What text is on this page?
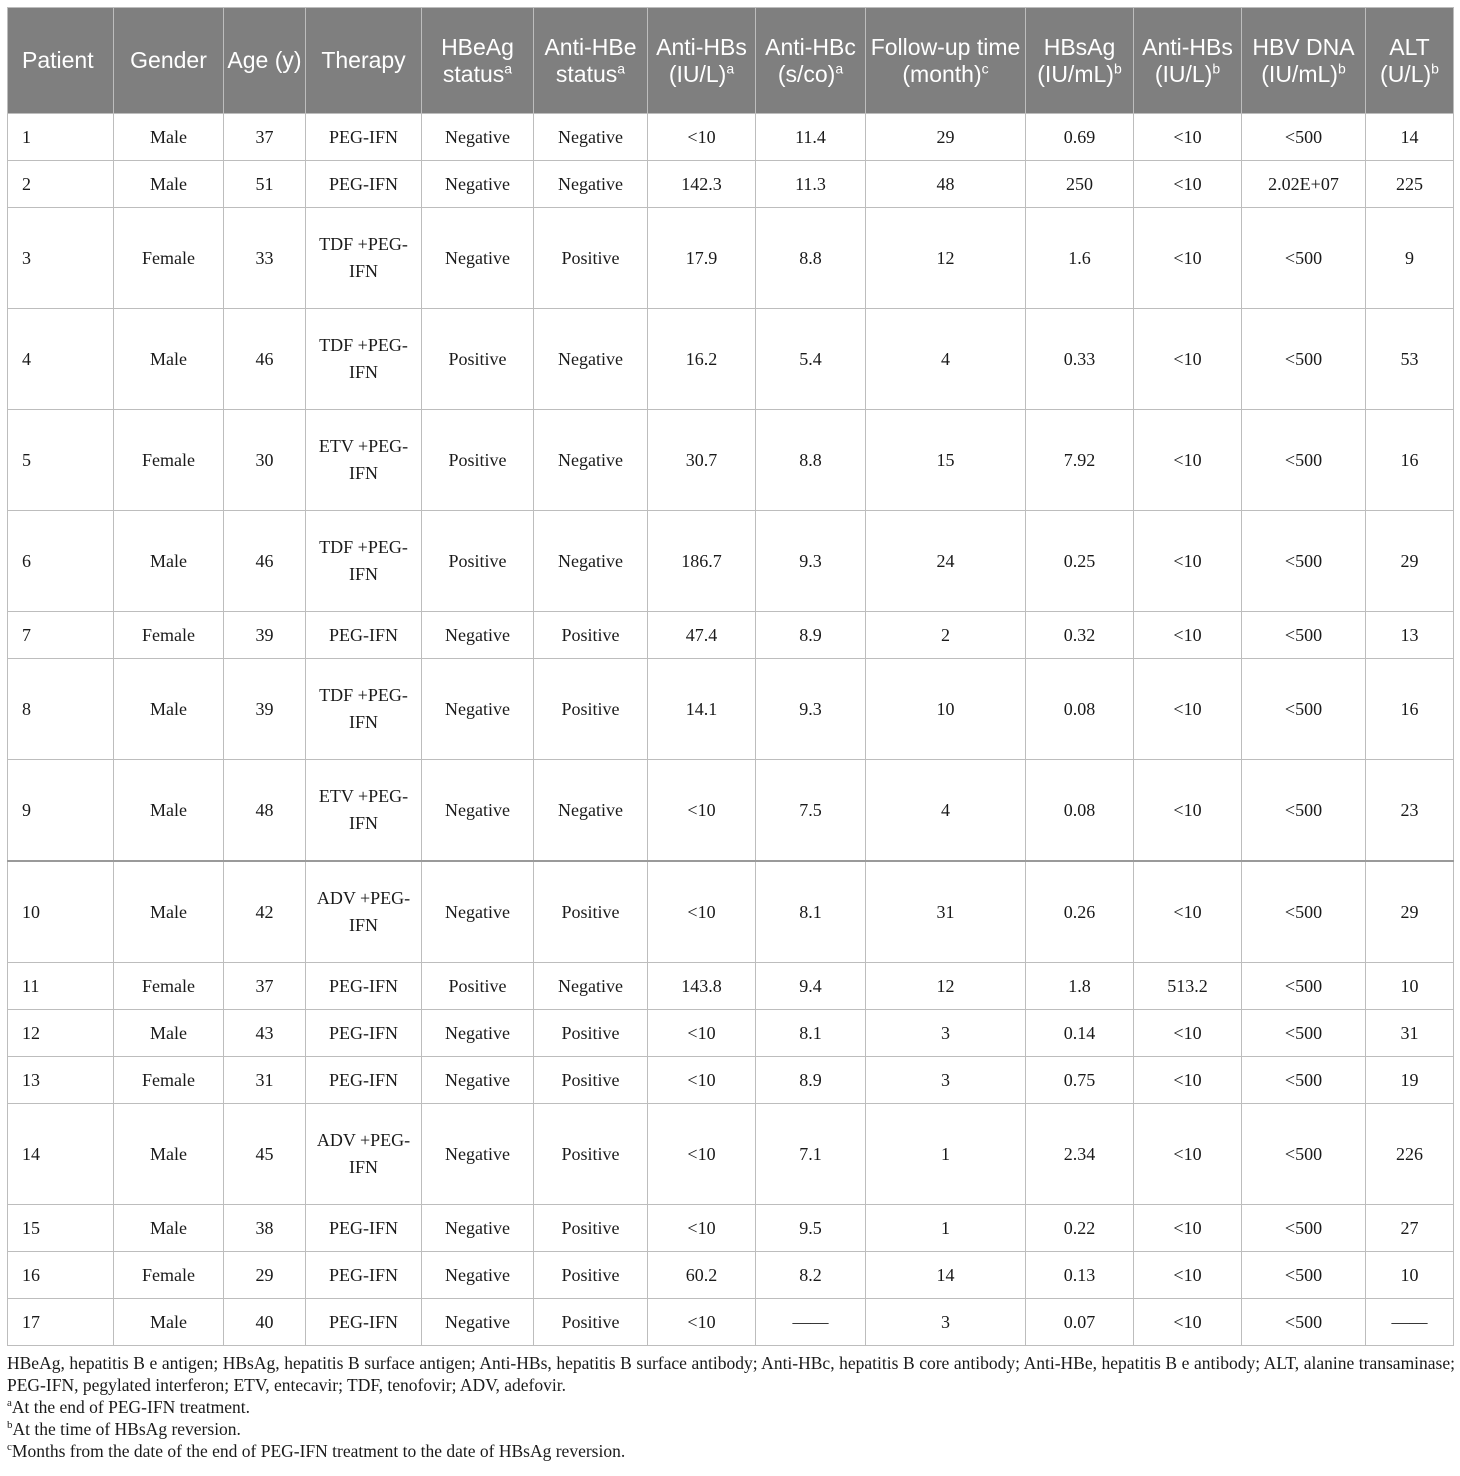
Patient	Gender	Age (y)	Therapy	HBeAg status$^a$	Anti-HBe status$^a$	Anti-HBs $(IU/L)^a$	Anti-HBc $(s/co)^a$	Follow-up time (month)$^c$	HBsAg $(IU/mL)^b$	Anti-HBs $(IU/L)^b$	HBV DNA $(IU/mL)^b$	ALT $(U/L)^b$
1	Male	37	PEG-IFN	Negative	Negative	<10	11.4	29	0.69	<10	<500	14
2	Male	51	PEG-IFN	Negative	Negative	142.3	11.3	48	250	<10	2.02E+07	225
3	Female	33	TDF +PEG-IFN	Negative	Positive	17.9	8.8	12	1.6	<10	<500	9
4	Male	46	TDF +PEG-IFN	Positive	Negative	16.2	5.4	4	0.33	<10	<500	53
5	Female	30	ETV +PEG-IFN	Positive	Negative	30.7	8.8	15	7.92	<10	<500	16
6	Male	46	TDF +PEG-IFN	Positive	Negative	186.7	9.3	24	0.25	<10	<500	29
7	Female	39	PEG-IFN	Negative	Positive	47.4	8.9	2	0.32	<10	<500	13
8	Male	39	TDF +PEG-IFN	Negative	Positive	14.1	9.3	10	0.08	<10	<500	16
9	Male	48	ETV +PEG-IFN	Negative	Negative	<10	7.5	4	0.08	<10	<500	23
10	Male	42	ADV +PEG-IFN	Negative	Positive	<10	8.1	31	0.26	<10	<500	29
11	Female	37	PEG-IFN	Positive	Negative	143.8	9.4	12	1.8	513.2	<500	10
12	Male	43	PEG-IFN	Negative	Positive	<10	8.1	3	0.14	<10	<500	31
13	Female	31	PEG-IFN	Negative	Positive	<10	8.9	3	0.75	<10	<500	19
14	Male	45	ADV +PEG-IFN	Negative	Positive	<10	7.1	1	2.34	<10	<500	226
15	Male	38	PEG-IFN	Negative	Positive	<10	9.5	1	0.22	<10	<500	27
16	Female	29	PEG-IFN	Negative	Positive	60.2	8.2	14	0.13	<10	<500	10
17	Male	40	PEG-IFN	Negative	Positive	<10	——	3	0.07	<10	<500	——

HBeAg, hepatitis B e antigen; HBsAg, hepatitis B surface antigen; Anti-HBs, hepatitis B surface antibody; Anti-HBc, hepatitis B core antibody; Anti-HBe, hepatitis B e antibody; ALT, alanine transaminase; PEG-IFN, pegylated interferon; ETV, entecavir; TDF, tenofovir; ADV, adefovir.

$^a$At the end of PEG-IFN treatment.

$^b$At the time of HBsAg reversion.

$^c$Months from the date of the end of PEG-IFN treatment to the date of HBsAg reversion.
